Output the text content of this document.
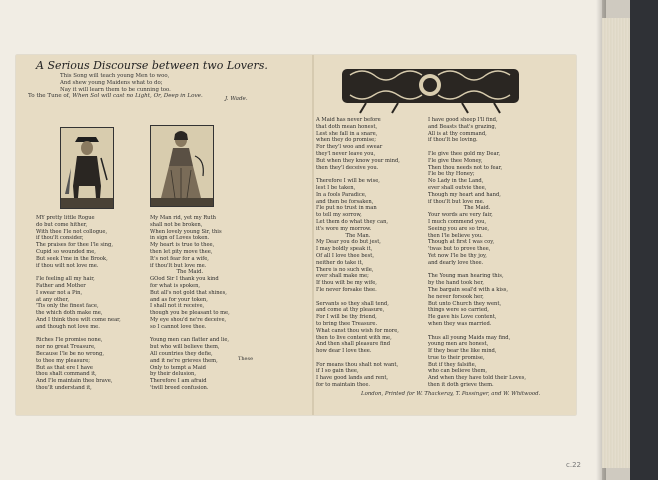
A Serious Discourse between two Lovers.
This Song will teach young Men to woo,
And shew young Maidens what to do;
Nay it will learn them to be cunning too.
To the Tune of, When Sol will cast no Light, Or, Deep in Love.	J. Wade.
MY pretty little Rogue
do but come hither,
With thee I'le not collogue,
if thou'lt consider,
The praises for thee I'le sing,
Cupid so wounded me,
But seek I'me in the Brook,
if thou wilt not love me.

I'le feeling all my hair,
Father and Mother
I swear not a Pin,
at any other,
'Tis only the finest face,
the which doth make me,
And I think thou wilt come near,
and though not love me.

Riches I'le promise none,
nor no great Treasure,
Because I'le be no wrong,
to thee my pleasure;
But as that ere I have
thou shalt command it,
And I'le maintain thee brave,
thou'lt understand it,
My Man rid, yet my Ruth
shall not be broken,
When lovely young Sir, this
in sign of Loves token.
My heart is true to thee,
then let pity move thee,
It's not fear for a wife,
if thou'lt but love me.
The Maid.
GOod Sir I thank you kind
for what is spoken,
But all's not gold that shines,
and as for your token,
I shall not it receive,
though you be pleasant to me,
My eye shou'd ne're deceive,
so I cannot love thee.

Young men can flatter and lie,
but who will believe them,
All countries they defie,
and it ne're grieves them,
Only to tempt a Maid
by their delusion,
Therefore I am afraid
'twill breed confusion.
These
A Maid has never before
that doth mean honest,
Lest she fall in a snare,
when they do promise;
For they'l woo and swear
they'l never leave you,
But when they know your mind,
then they'l deceive you.

Therefore I will be wise,
lest I be taken,
In a fools Paradice,
and then be forsaken,
I'le put no trust in man
to tell my sorrow,
Let them do what they can,
it's wore my morrow.
The Man.
My Dear you do but jest,
I may boldly speak it,
Of all I love thee best,
neither do take it,
There is no such wile,
ever shall make me;
If thou wilt be my wife,
I'le never forsake thee.

Servants so they shall tend,
and come at thy pleasure,
For I will be thy friend,
to bring thee Treasure.
What canst thou wish for more,
then to live content with me,
And then shall pleasure find
how dear I love thee.

For means thou shalt not want,
if I so gain thee,
I have good lands and rent,
for to maintain thee.
I have good sheep I'll find,
and Beasts that's grazing,
All is at thy command,
if thou'lt be loving.

I'le give thee gold my Dear,
I'le give thee Money,
Then thou needs not to fear,
I'le be thy Honey;
No Lady in the Land,
ever shall outvie thee,
Though my heart and hand,
if thou'lt but love me.
The Maid.
Your words are very fair,
I much commend you,
Seeing you are so true,
then I'le believe you.
Though at first I was coy,
'twas but to prove thee,
Yet now I'le be thy joy,
and dearly love thee.

The Young man hearing this,
by the hand took her,
The bargain seal'd with a kiss,
he never forsook her,
But unto Church they went,
things were so carried,
He gave his Love content,
when they was married.

Thus all young Maids may find,
young men are honest,
If they bear the like mind,
true to their promise,
But if they falsifie,
who can believe them,
And when they have told their Loves,
then it doth grieve them.
London, Printed for W. Thackeray, T. Passinger, and W. Whitwood.
c.22
